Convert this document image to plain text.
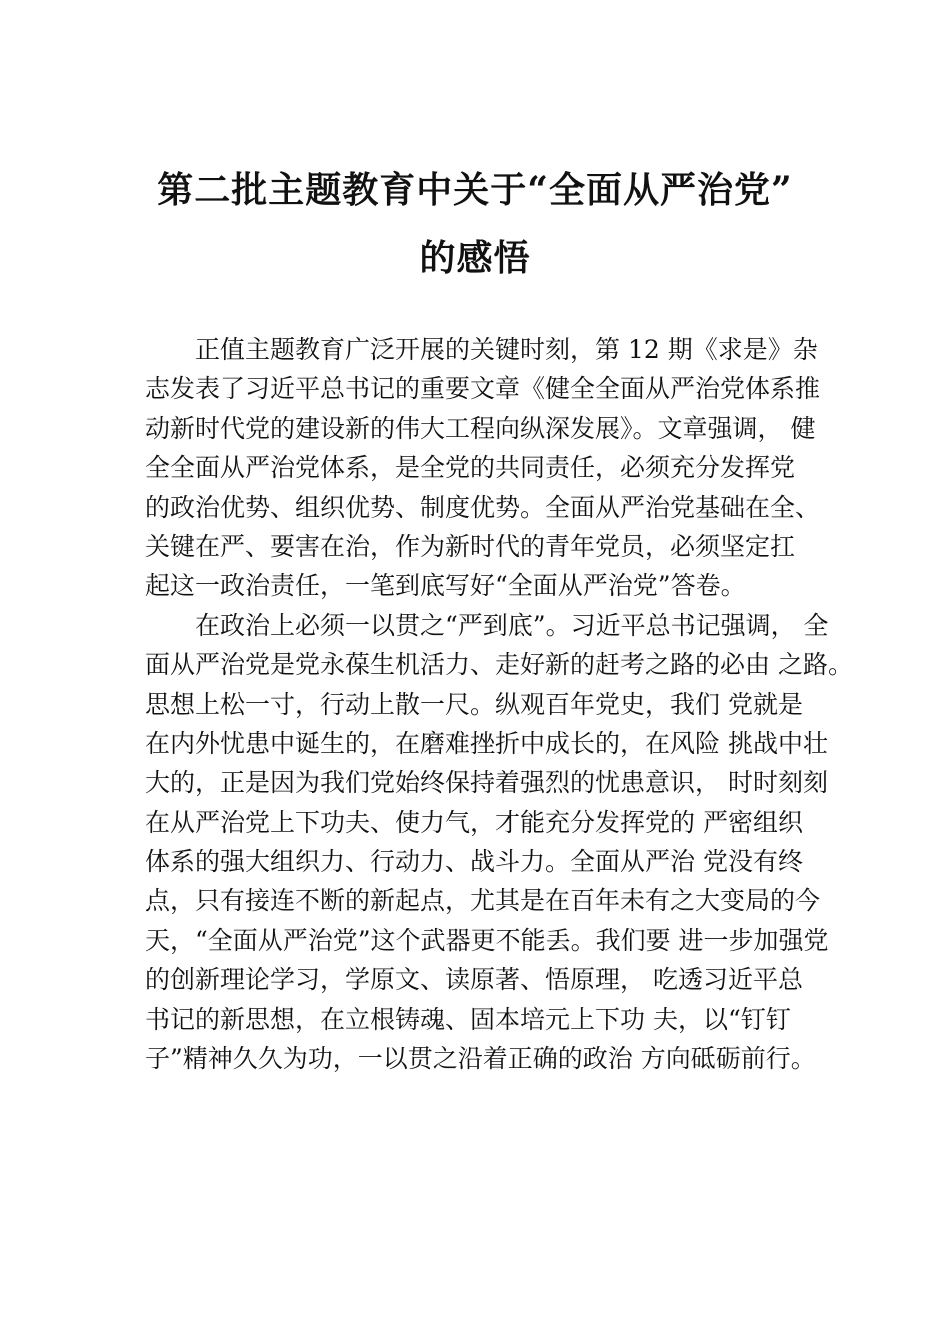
第二批主题教育中关于“全面从严治党”
的感悟
正值主题教育广泛开展的关键时刻，第 12 期《求是》杂
志发表了习近平总书记的重要文章《健全全面从严治党体系推
动新时代党的建设新的伟大工程向纵深发展》。文章强调， 健
全全面从严治党体系，是全党的共同责任，必须充分发挥党
的政治优势、组织优势、制度优势。全面从严治党基础在全、
关键在严、要害在治，作为新时代的青年党员，必须坚定扛
起这一政治责任，一笔到底写好“全面从严治党”答卷。
在政治上必须一以贯之“严到底”。习近平总书记强调， 全
面从严治党是党永葆生机活力、走好新的赶考之路的必由 之路。
思想上松一寸，行动上散一尺。纵观百年党史，我们 党就是
在内外忧患中诞生的，在磨难挫折中成长的，在风险 挑战中壮
大的，正是因为我们党始终保持着强烈的忧患意识， 时时刻刻
在从严治党上下功夫、使力气，才能充分发挥党的 严密组织
体系的强大组织力、行动力、战斗力。全面从严治 党没有终
点，只有接连不断的新起点，尤其是在百年未有之大变局的今
天，“全面从严治党”这个武器更不能丢。我们要 进一步加强党
的创新理论学习，学原文、读原著、悟原理， 吃透习近平总
书记的新思想，在立根铸魂、固本培元上下功 夫，以“钉钉
子”精神久久为功，一以贯之沿着正确的政治 方向砥砺前行。
